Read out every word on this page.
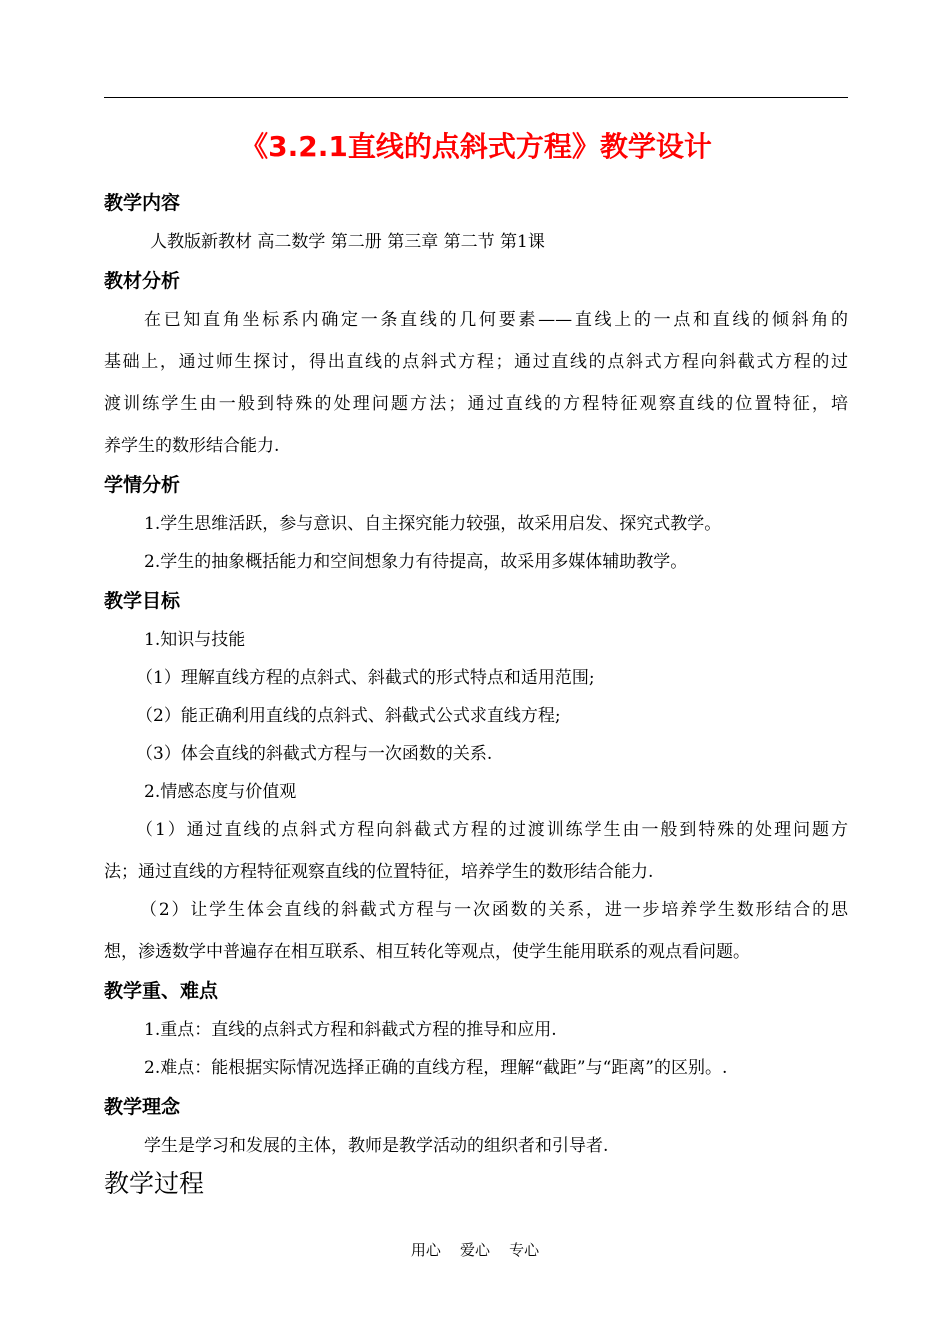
《3.2.1直线的点斜式方程》教学设计
教学内容
人教版新教材 高二数学 第二册 第三章 第二节 第1课
教材分析
在已知直角坐标系内确定一条直线的几何要素——直线上的一点和直线的倾斜角的
基础上，通过师生探讨，得出直线的点斜式方程；通过直线的点斜式方程向斜截式方程的过
渡训练学生由一般到特殊的处理问题方法；通过直线的方程特征观察直线的位置特征，培
养学生的数形结合能力.
学情分析
1.学生思维活跃，参与意识、自主探究能力较强，故采用启发、探究式教学。
2.学生的抽象概括能力和空间想象力有待提高，故采用多媒体辅助教学。
教学目标
1.知识与技能
（1）理解直线方程的点斜式、斜截式的形式特点和适用范围;
（2）能正确利用直线的点斜式、斜截式公式求直线方程;
（3）体会直线的斜截式方程与一次函数的关系.
2.情感态度与价值观
（1）通过直线的点斜式方程向斜截式方程的过渡训练学生由一般到特殊的处理问题方
法；通过直线的方程特征观察直线的位置特征，培养学生的数形结合能力.
（2）让学生体会直线的斜截式方程与一次函数的关系，进一步培养学生数形结合的思
想，渗透数学中普遍存在相互联系、相互转化等观点，使学生能用联系的观点看问题。
教学重、难点
1.重点：直线的点斜式方程和斜截式方程的推导和应用.
2.难点：能根据实际情况选择正确的直线方程，理解“截距”与“距离”的区别。.
教学理念
学生是学习和发展的主体，教师是教学活动的组织者和引导者.
教学过程
用心    爱心    专心
